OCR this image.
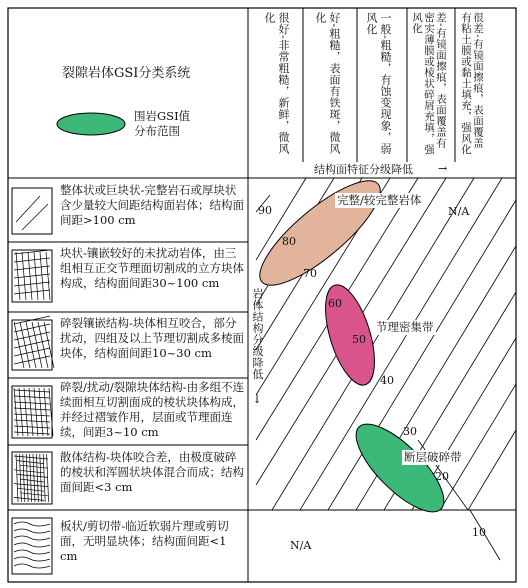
裂隙岩体GSI分类系统
围岩GSI值分布范围	很好-非常粗糙，新鲜，微风化	好-粗糙，表面有铁斑，微风化	一般-粗糙，有蚀变现象，弱风化	差-有镜面擦痕，表面覆盖有密实薄膜或棱状碎屑充填，强风化	很差-有镜面擦痕，表面覆盖有粘土膜或黏土填充，强风化
结构面特征分级降低 →
岩体结构分级降低
↓
整体状或巨块状-完整岩石或厚块状含少量较大间距结构面岩体；结构面间距>100 cm
块状-镶嵌较好的未扰动岩体，由三组相互正交节理面切割成的立方块体构成，结构面间距30~100 cm
碎裂镶嵌结构-块体相互咬合，部分扰动，四组及以上节理切割成多棱面块体，结构面间距10~30 cm
碎裂/扰动/裂隙块体结构-由多组不连续面相互切割面成的棱状块体构成，并经过褶皱作用，层面或节理面连续，间距3~10 cm
散体结构-块体咬合差，由极度破碎的棱状和浑圆状块体混合而成；结构面间距<3 cm
板状/剪切带-临近软弱片理或剪切面，无明显块体；结构面间距<1 cm
N/A
N/A
90
80
70
60
50
40
30
20
10
完整/较完整岩体
节理密集带
断层破碎带
